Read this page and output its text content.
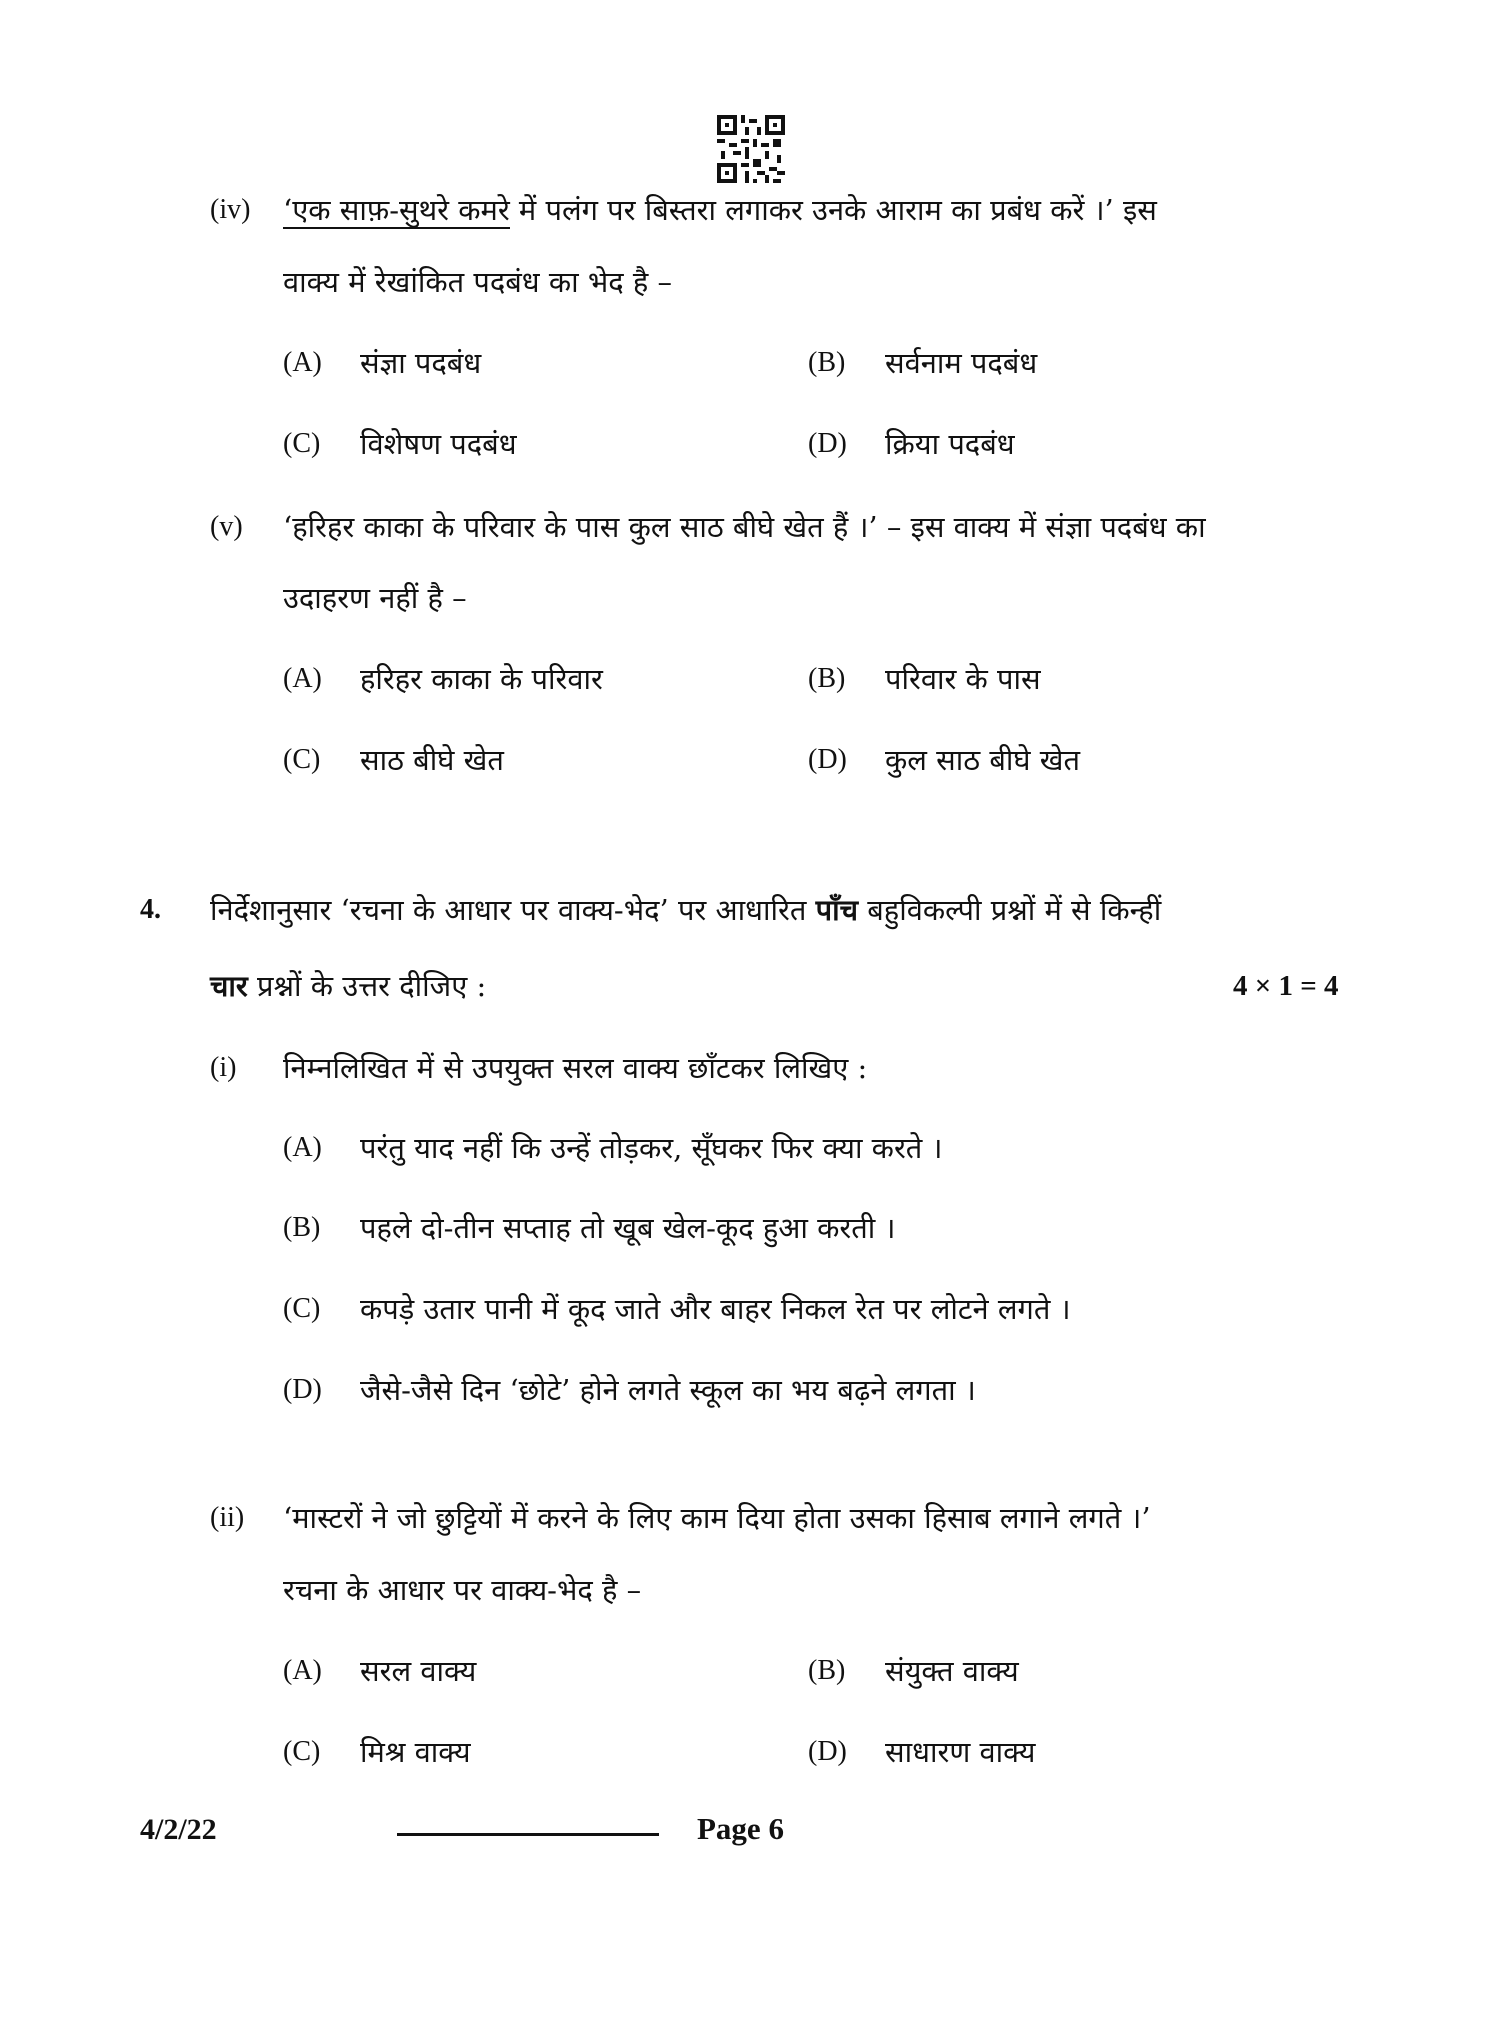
(iv) ‘एक साफ़-सुथरे कमरे में पलंग पर बिस्तरा लगाकर उनके आराम का प्रबंध करें ।’ इस
वाक्य में रेखांकित पदबंध का भेद है –
(A) संज्ञा पदबंध	(B) सर्वनाम पदबंध
(C) विशेषण पदबंध	(D) क्रिया पदबंध
(v) ‘हरिहर काका के परिवार के पास कुल साठ बीघे खेत हैं ।’ – इस वाक्य में संज्ञा पदबंध का
उदाहरण नहीं है –
(A) हरिहर काका के परिवार	(B) परिवार के पास
(C) साठ बीघे खेत	(D) कुल साठ बीघे खेत
4. निर्देशानुसार ‘रचना के आधार पर वाक्य-भेद’ पर आधारित पाँच बहुविकल्पी प्रश्नों में से किन्हीं
चार प्रश्नों के उत्तर दीजिए :	4 × 1 = 4
(i) निम्नलिखित में से उपयुक्त सरल वाक्य छाँटकर लिखिए :
(A) परंतु याद नहीं कि उन्हें तोड़कर, सूँघकर फिर क्या करते ।
(B) पहले दो-तीन सप्ताह तो खूब खेल-कूद हुआ करती ।
(C) कपड़े उतार पानी में कूद जाते और बाहर निकल रेत पर लोटने लगते ।
(D) जैसे-जैसे दिन ‘छोटे’ होने लगते स्कूल का भय बढ़ने लगता ।
(ii) ‘मास्टरों ने जो छुट्टियों में करने के लिए काम दिया होता उसका हिसाब लगाने लगते ।’
रचना के आधार पर वाक्य-भेद है –
(A) सरल वाक्य	(B) संयुक्त वाक्य
(C) मिश्र वाक्य	(D) साधारण वाक्य
4/2/22	Page 6
